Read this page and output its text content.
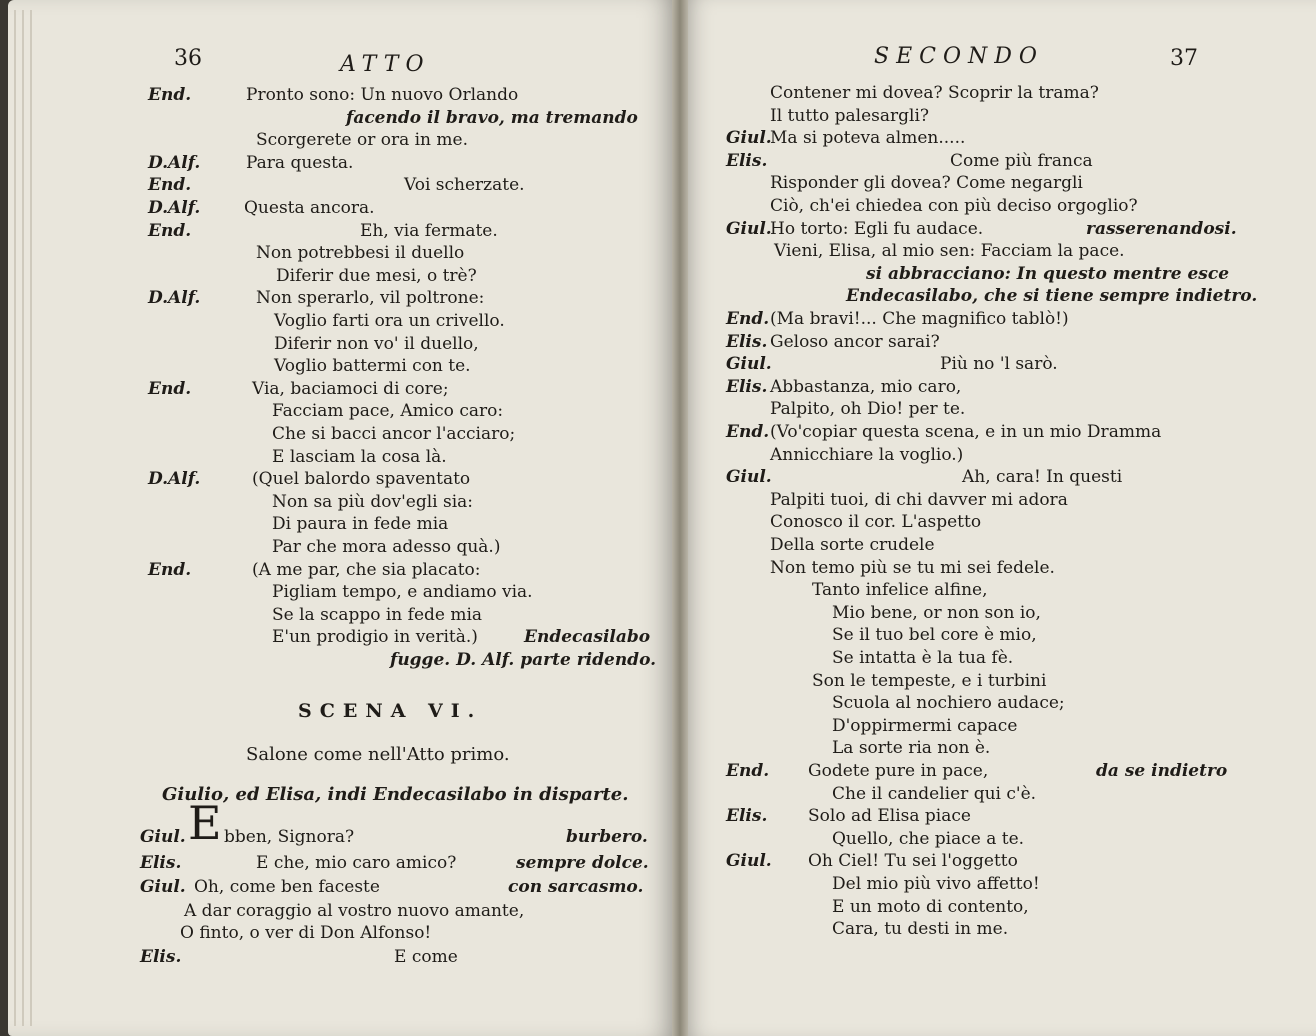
36	ATTO
End.	Pronto sono: Un nuovo Orlando
facendo il bravo, ma tremando
Scorgerete or ora in me.
D.Alf.	Para questa.
End.	Voi scherzate.
D.Alf.	Questa ancora.
End.	Eh, via fermate.
Non potrebbesi il duello
Diferir due mesi, o trè?
D.Alf.	Non sperarlo, vil poltrone:
Voglio farti ora un crivello.
Diferir non vo' il duello,
Voglio battermi con te.
End.	Via, baciamoci di core;
Facciam pace, Amico caro:
Che si bacci ancor l'acciaro;
E lasciam la cosa là.
D.Alf.	(Quel balordo spaventato
Non sa più dov'egli sia:
Di paura in fede mia
Par che mora adesso quà.)
End.	(A me par, che sia placato:
Pigliam tempo, e andiamo via.
Se la scappo in fede mia
E'un prodigio in verità.)
fugge. D. Alf. parte ridendo.
Endecasilabo
SCENA VI.
Salone come nell'Atto primo.
Giulio, ed Elisa, indi Endecasilabo in disparte.
Giul. E bben, Signora?	burbero.
Elis.	E che, mio caro amico?	sempre dolce.
Giul. Oh, come ben faceste	con sarcasmo.
A dar coraggio al vostro nuovo amante,
O finto, o ver di Don Alfonso!
Elis.	E come
SECONDO	37
Contener mi dovea? Scoprir la trama?
Il tutto palesargli?
Giul.
Ma si poteva almen.....
Elis.	Come più franca
Risponder gli dovea? Come negargli
Ciò, ch'ei chiedea con più deciso orgoglio?
Giul.
Ho torto: Egli fu audace.	rasserenandosi.
Vieni, Elisa, al mio sen: Facciam la pace.
si abbracciano: In questo mentre esce
Endecasilabo, che si tiene sempre indietro.
End. (Ma bravi!... Che magnifico tablò!)
Elis. Geloso ancor sarai?
Giul.	Più no 'l sarò.
Elis. Abbastanza, mio caro,
Palpito, oh Dio! per te.
End. (Vo'copiar questa scena, e in un mio Dramma
Annicchiare la voglio.)
Giul.	Ah, cara! In questi
Palpiti tuoi, di chi davver mi adora
Conosco il cor. L'aspetto
Della sorte crudele
Non temo più se tu mi sei fedele.
Tanto infelice alfine,
Mio bene, or non son io,
Se il tuo bel core è mio,
Se intatta è la tua fè.
Son le tempeste, e i turbini
Scuola al nochiero audace;
D'oppirmermi capace
La sorte ria non è.
End. Godete pure in pace,	da se indietro
Che il candelier qui c'è.
Elis. Solo ad Elisa piace
Quello, che piace a te.
Giul. Oh Ciel! Tu sei l'oggetto
Del mio più vivo affetto!
E un moto di contento,
Cara, tu desti in me.
